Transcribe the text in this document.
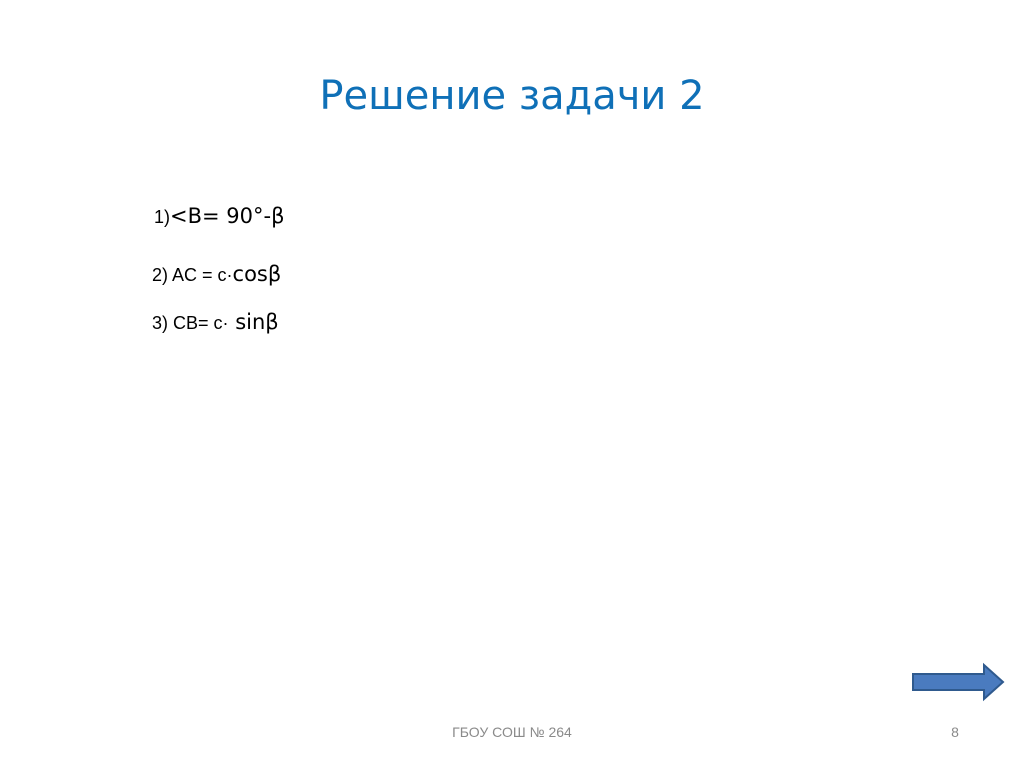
Решение задачи 2
1)<B= 90°-β
2) AC = c·cosβ
3) CB= c· sinβ
ГБОУ СОШ № 264	8
